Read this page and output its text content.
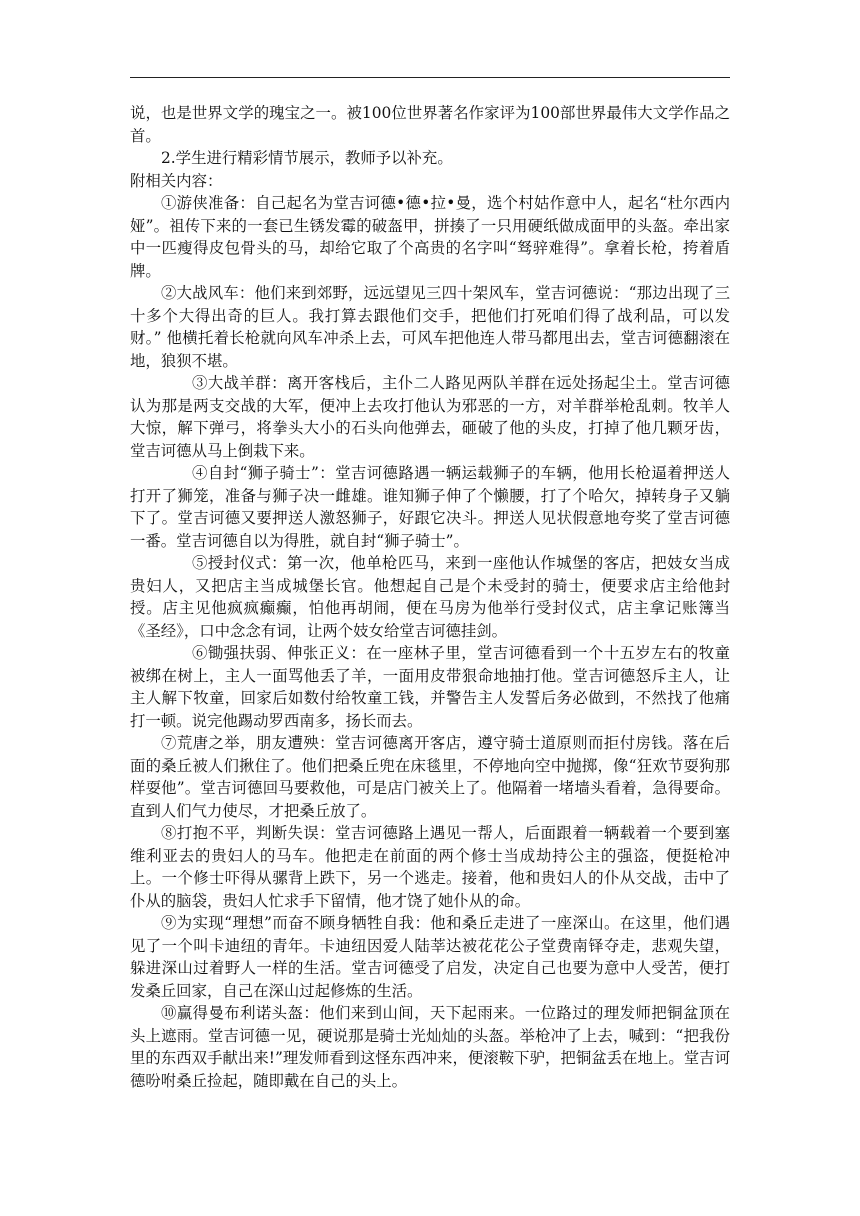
说，也是世界文学的瑰宝之一。被100位世界著名作家评为100部世界最伟大文学作品之首。

2.学生进行精彩情节展示，教师予以补充。

附相关内容：

①游侠准备：自己起名为堂吉诃德•德•拉•曼，选个村姑作意中人，起名“杜尔西内娅”。祖传下来的一套已生锈发霉的破盔甲，拼揍了一只用硬纸做成面甲的头盔。牵出家中一匹瘦得皮包骨头的马，却给它取了个高贵的名字叫“驽骍难得”。拿着长枪，挎着盾牌。

②大战风车：他们来到郊野，远远望见三四十架风车，堂吉诃德说：“那边出现了三十多个大得出奇的巨人。我打算去跟他们交手，把他们打死咱们得了战利品，可以发财。” 他横托着长枪就向风车冲杀上去，可风车把他连人带马都甩出去，堂吉诃德翻滚在地，狼狈不堪。

③大战羊群：离开客栈后，主仆二人路见两队羊群在远处扬起尘土。堂吉诃德认为那是两支交战的大军，便冲上去攻打他认为邪恶的一方，对羊群举枪乱刺。牧羊人大惊，解下弹弓，将拳头大小的石头向他弹去，砸破了他的头皮，打掉了他几颗牙齿，堂吉诃德从马上倒栽下来。

④自封“狮子骑士”：堂吉诃德路遇一辆运载狮子的车辆，他用长枪逼着押送人打开了狮笼，准备与狮子决一雌雄。谁知狮子伸了个懒腰，打了个哈欠，掉转身子又躺下了。堂吉诃德又要押送人激怒狮子，好跟它决斗。押送人见状假意地夸奖了堂吉诃德一番。堂吉诃德自以为得胜，就自封“狮子骑士”。

⑤授封仪式：第一次，他单枪匹马，来到一座他认作城堡的客店，把妓女当成贵妇人，又把店主当成城堡长官。他想起自己是个未受封的骑士，便要求店主给他封授。店主见他疯疯癫癫，怕他再胡闹，便在马房为他举行受封仪式，店主拿记账簿当《圣经》，口中念念有词，让两个妓女给堂吉诃德挂剑。

⑥锄强扶弱、伸张正义：在一座林子里，堂吉诃德看到一个十五岁左右的牧童被绑在树上，主人一面骂他丢了羊，一面用皮带狠命地抽打他。堂吉诃德怒斥主人，让主人解下牧童，回家后如数付给牧童工钱，并警告主人发誓后务必做到，不然找了他痛打一顿。说完他踢动罗西南多，扬长而去。

⑦荒唐之举，朋友遭殃：堂吉诃德离开客店，遵守骑士道原则而拒付房钱。落在后面的桑丘被人们揪住了。他们把桑丘兜在床毯里，不停地向空中抛掷，像“狂欢节耍狗那样耍他”。堂吉诃德回马要救他，可是店门被关上了。他隔着一堵墙头看着，急得要命。直到人们气力使尽，才把桑丘放了。

⑧打抱不平，判断失误：堂吉诃德路上遇见一帮人，后面跟着一辆载着一个要到塞维利亚去的贵妇人的马车。他把走在前面的两个修士当成劫持公主的强盗，便挺枪冲上。一个修士吓得从骡背上跌下，另一个逃走。接着，他和贵妇人的仆从交战，击中了仆从的脑袋，贵妇人忙求手下留情，他才饶了她仆从的命。

⑨为实现“理想”而奋不顾身牺牲自我：他和桑丘走进了一座深山。在这里，他们遇见了一个叫卡迪纽的青年。卡迪纽因爱人陆莘达被花花公子堂费南铎夺走，悲观失望，躲进深山过着野人一样的生活。堂吉诃德受了启发，决定自己也要为意中人受苦，便打发桑丘回家，自己在深山过起修炼的生活。

⑩赢得曼布利诺头盔：他们来到山间，天下起雨来。一位路过的理发师把铜盆顶在头上遮雨。堂吉诃德一见，硬说那是骑士光灿灿的头盔。举枪冲了上去，喊到：“把我份里的东西双手献出来!”理发师看到这怪东西冲来，便滚鞍下驴，把铜盆丢在地上。堂吉诃德吩咐桑丘捡起，随即戴在自己的头上。
